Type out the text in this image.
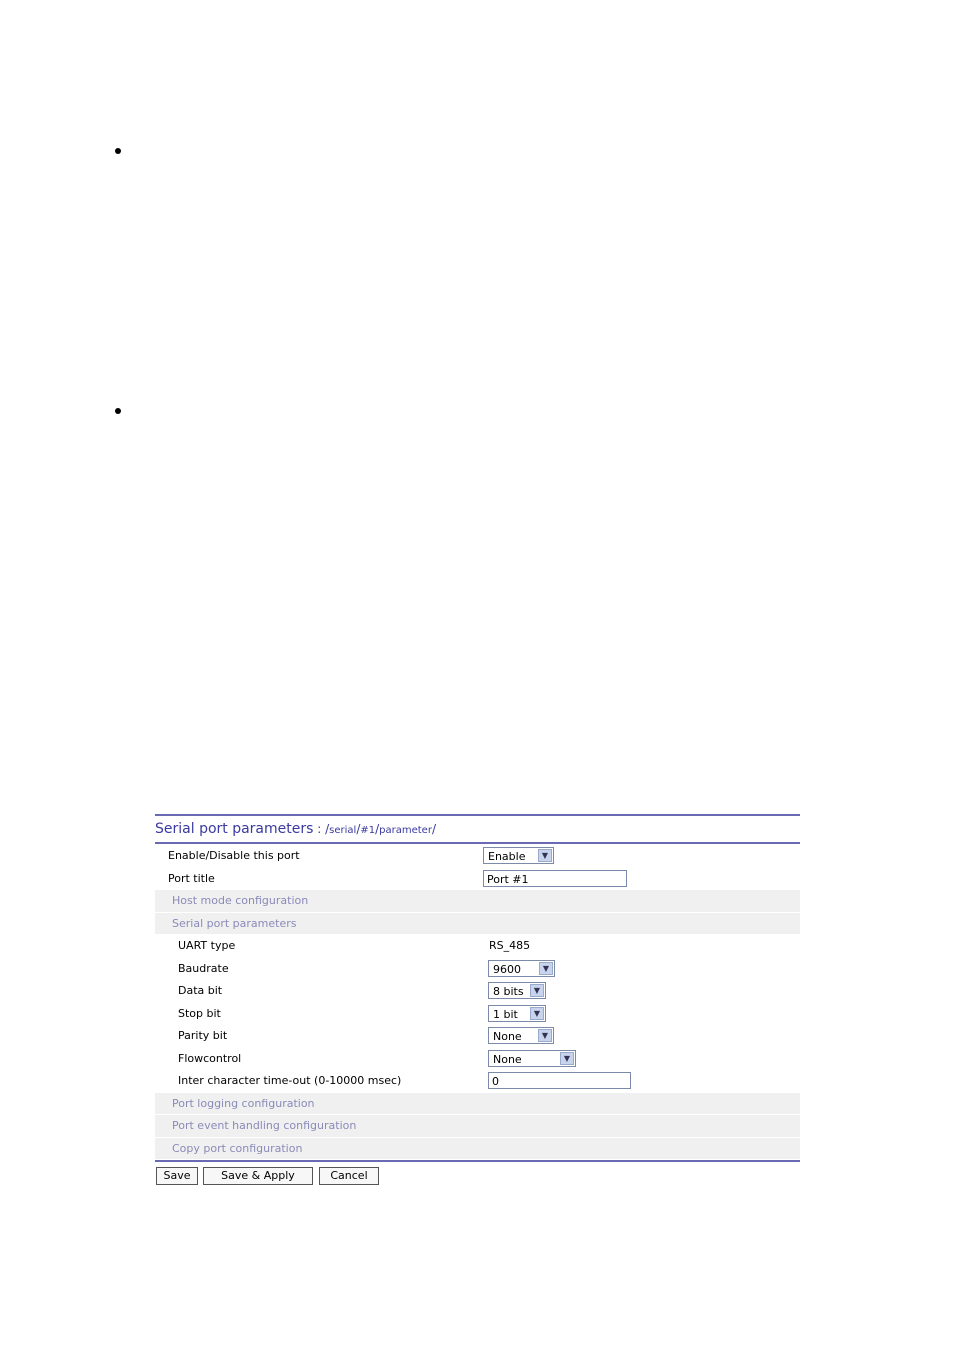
Serial port parameters : /serial/#1/parameter/
Enable/Disable this port	Enable	▼
Port title	Port #1
Host mode configuration
Serial port parameters
UART type	RS_485
Baudrate	9600	▼
Data bit	8 bits	▼
Stop bit	1 bit	▼
Parity bit	None	▼
Flowcontrol	None	▼
Inter character time-out (0-10000 msec)	0
Port logging configuration
Port event handling configuration
Copy port configuration
Save	Save & Apply	Cancel
